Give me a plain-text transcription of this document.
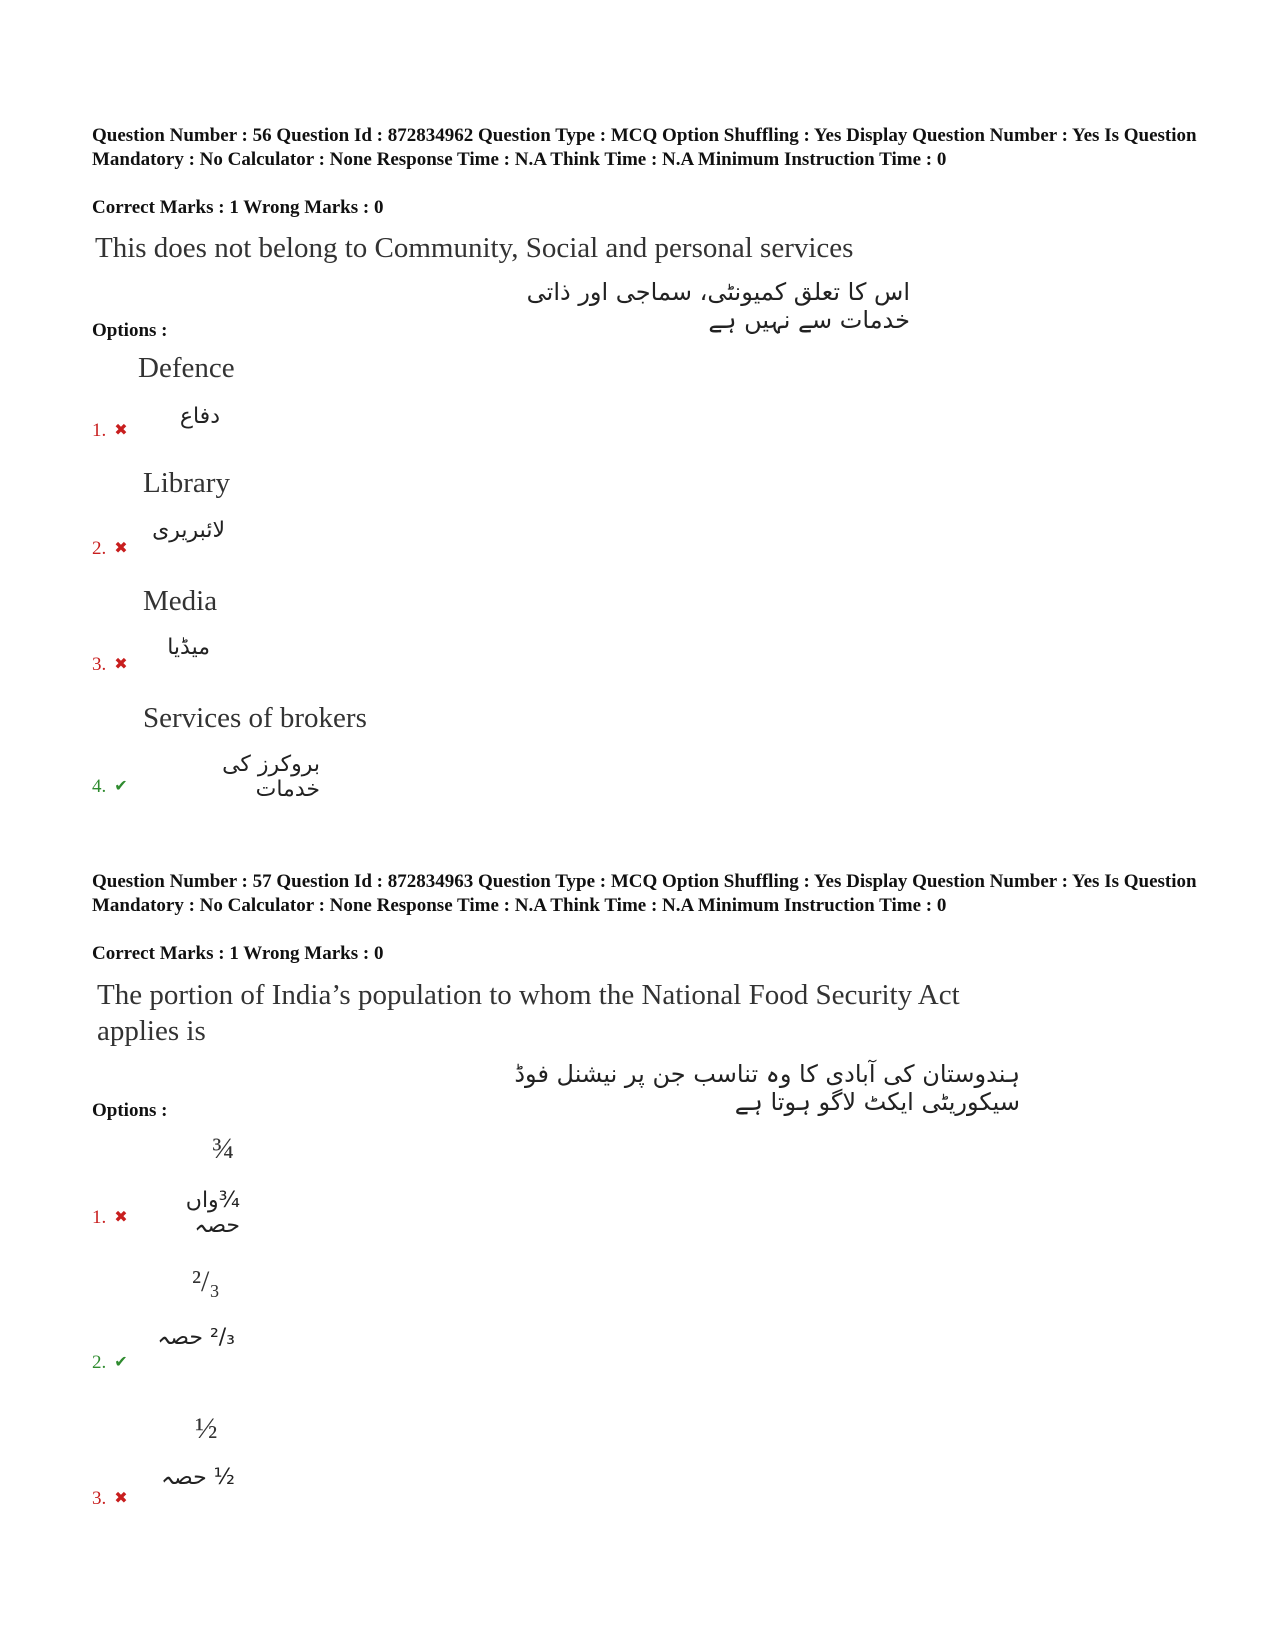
Question Number : 56 Question Id : 872834962 Question Type : MCQ Option Shuffling : Yes Display Question Number : Yes Is Question Mandatory : No Calculator : None Response Time : N.A Think Time : N.A Minimum Instruction Time : 0
Correct Marks : 1 Wrong Marks : 0
This does not belong to Community, Social and personal services
اس کا تعلق کمیونٹی، سماجی اور ذاتی خدمات سے نہیں ہے
Options :
Defence
دفاع
1. ✖
Library
لائبریری
2. ✖
Media
میڈیا
3. ✖
Services of brokers
بروکرز کی خدمات
4. ✔
Question Number : 57 Question Id : 872834963 Question Type : MCQ Option Shuffling : Yes Display Question Number : Yes Is Question Mandatory : No Calculator : None Response Time : N.A Think Time : N.A Minimum Instruction Time : 0
Correct Marks : 1 Wrong Marks : 0
The portion of India’s population to whom the National Food Security Act applies is
ہندوستان کی آبادی کا وہ تناسب جن پر نیشنل فوڈ سیکوریٹی ایکٹ لاگو ہوتا ہے
Options :
¾
¾واں حصہ
1. ✖
²/₃
²/₃ حصہ
2. ✔
½
½ حصہ
3. ✖
